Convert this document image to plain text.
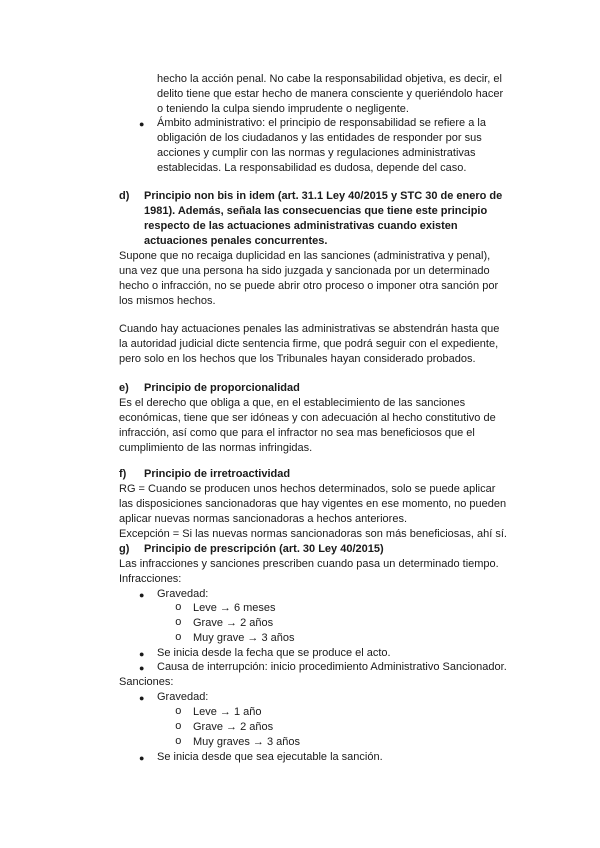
hecho la acción penal. No cabe la responsabilidad objetiva, es decir, el
delito tiene que estar hecho de manera consciente y queriéndolo hacer
o teniendo la culpa siendo imprudente o negligente.
● Ámbito administrativo: el principio de responsabilidad se refiere a la
obligación de los ciudadanos y las entidades de responder por sus
acciones y cumplir con las normas y regulaciones administrativas
establecidas. La responsabilidad es dudosa, depende del caso.
d) Principio non bis in idem (art. 31.1 Ley 40/2015 y STC 30 de enero de
1981). Además, señala las consecuencias que tiene este principio
respecto de las actuaciones administrativas cuando existen
actuaciones penales concurrentes.
Supone que no recaiga duplicidad en las sanciones (administrativa y penal),
una vez que una persona ha sido juzgada y sancionada por un determinado
hecho o infracción, no se puede abrir otro proceso o imponer otra sanción por
los mismos hechos.
Cuando hay actuaciones penales las administrativas se abstendrán hasta que
la autoridad judicial dicte sentencia firme, que podrá seguir con el expediente,
pero solo en los hechos que los Tribunales hayan considerado probados.
e) Principio de proporcionalidad
Es el derecho que obliga a que, en el establecimiento de las sanciones
económicas, tiene que ser idóneas y con adecuación al hecho constitutivo de
infracción, así como que para el infractor no sea mas beneficiosos que el
cumplimiento de las normas infringidas.
f) Principio de irretroactividad
RG = Cuando se producen unos hechos determinados, solo se puede aplicar
las disposiciones sancionadoras que hay vigentes en ese momento, no pueden
aplicar nuevas normas sancionadoras a hechos anteriores.
Excepción = Si las nuevas normas sancionadoras son más beneficiosas, ahí sí.
g) Principio de prescripción (art. 30 Ley 40/2015)
Las infracciones y sanciones prescriben cuando pasa un determinado tiempo.
Infracciones:
● Gravedad:
o Leve → 6 meses
o Grave → 2 años
o Muy grave → 3 años
● Se inicia desde la fecha que se produce el acto.
● Causa de interrupción: inicio procedimiento Administrativo Sancionador.
Sanciones:
● Gravedad:
o Leve → 1 año
o Grave → 2 años
o Muy graves → 3 años
● Se inicia desde que sea ejecutable la sanción.
